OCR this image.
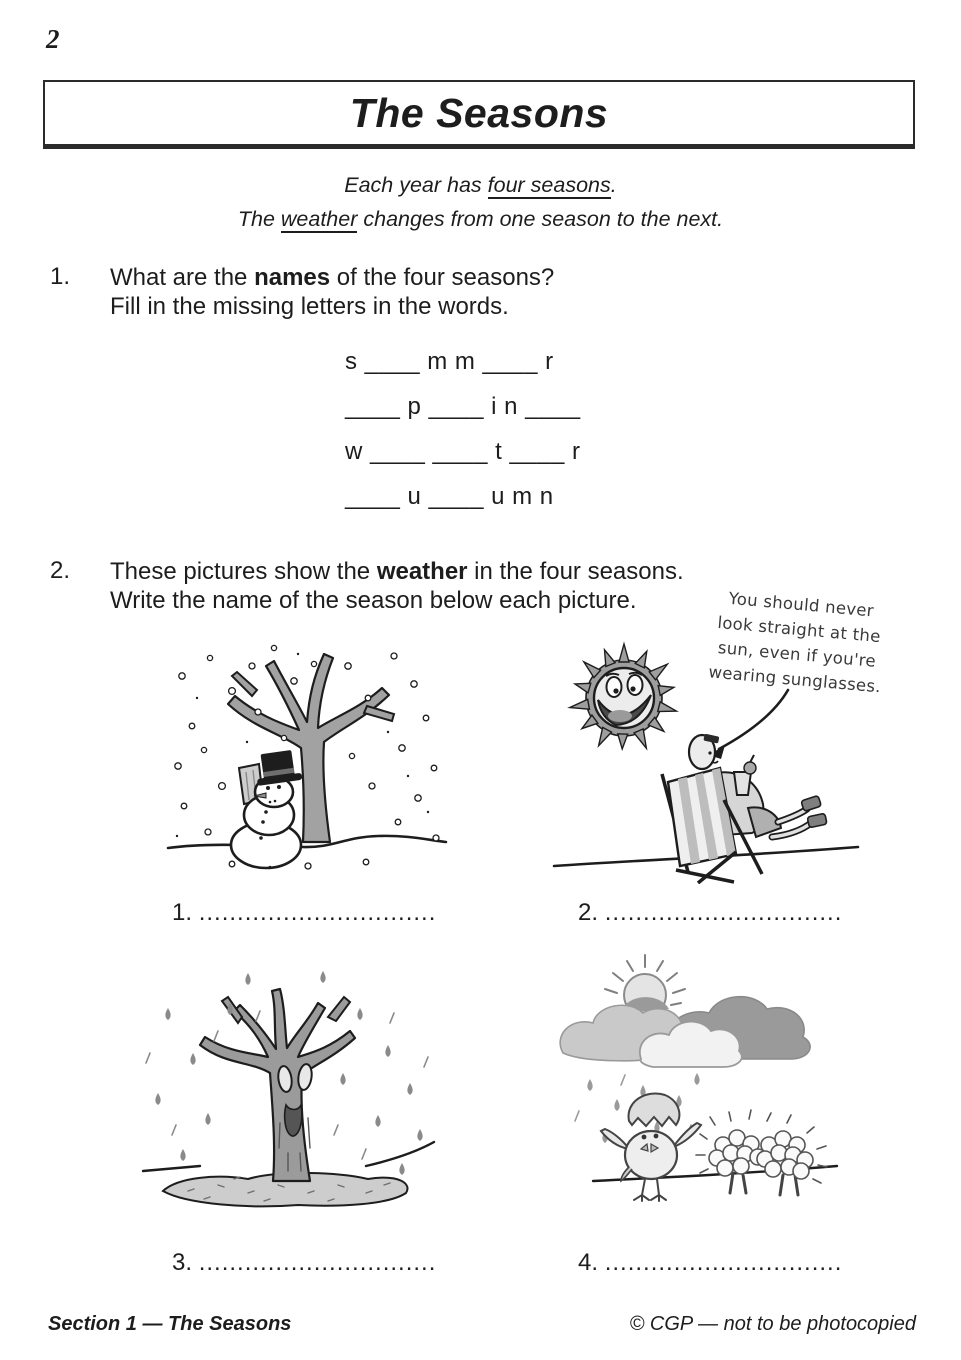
2
The Seasons
Each year has four seasons.
The weather changes from one season to the next.
1. What are the names of the four seasons?
Fill in the missing letters in the words.
s ____ m m ____ r
____ p ____ i n ____
w ____ ____ t ____ r
____ u ____ u m n
2. These pictures show the weather in the four seasons.
Write the name of the season below each picture.	You should never
look straight at the
sun, even if you're
wearing sunglasses.
1. ...............................	2. ...............................
3. ...............................	4. ...............................
Section 1 — The Seasons	© CGP — not to be photocopied
